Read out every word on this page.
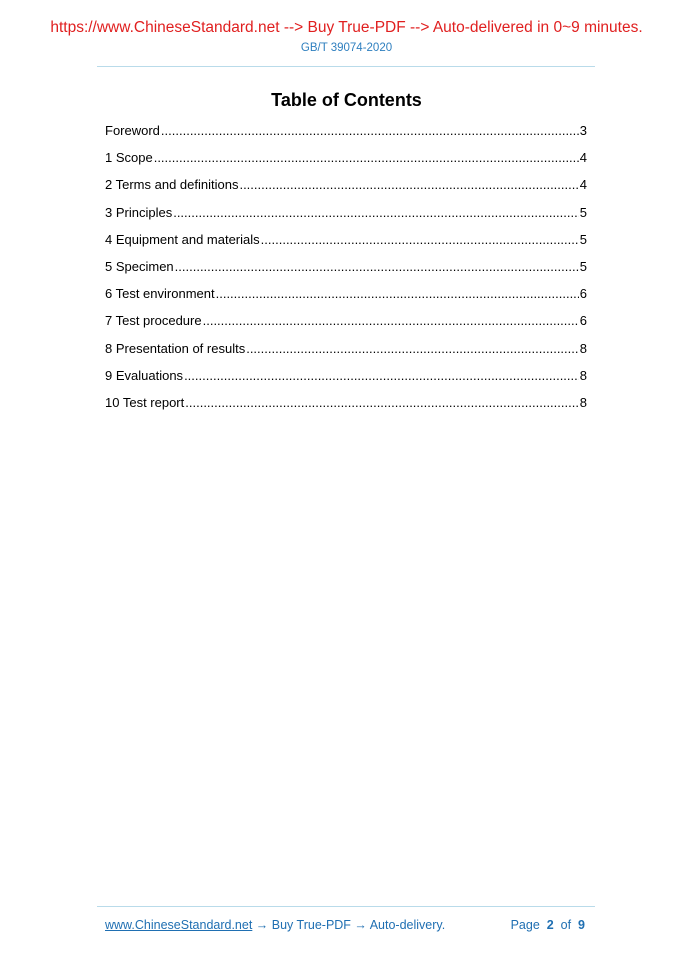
https://www.ChineseStandard.net --> Buy True-PDF --> Auto-delivered in 0~9 minutes.
GB/T 39074-2020
Table of Contents
Foreword .....	3
1 Scope .....	4
2 Terms and definitions .....	4
3 Principles .....	5
4 Equipment and materials .....	5
5 Specimen .....	5
6 Test environment .....	6
7 Test procedure .....	6
8 Presentation of results .....	8
9 Evaluations .....	8
10 Test report .....	8
www.ChineseStandard.net → Buy True-PDF → Auto-delivery.	Page 2 of 9
